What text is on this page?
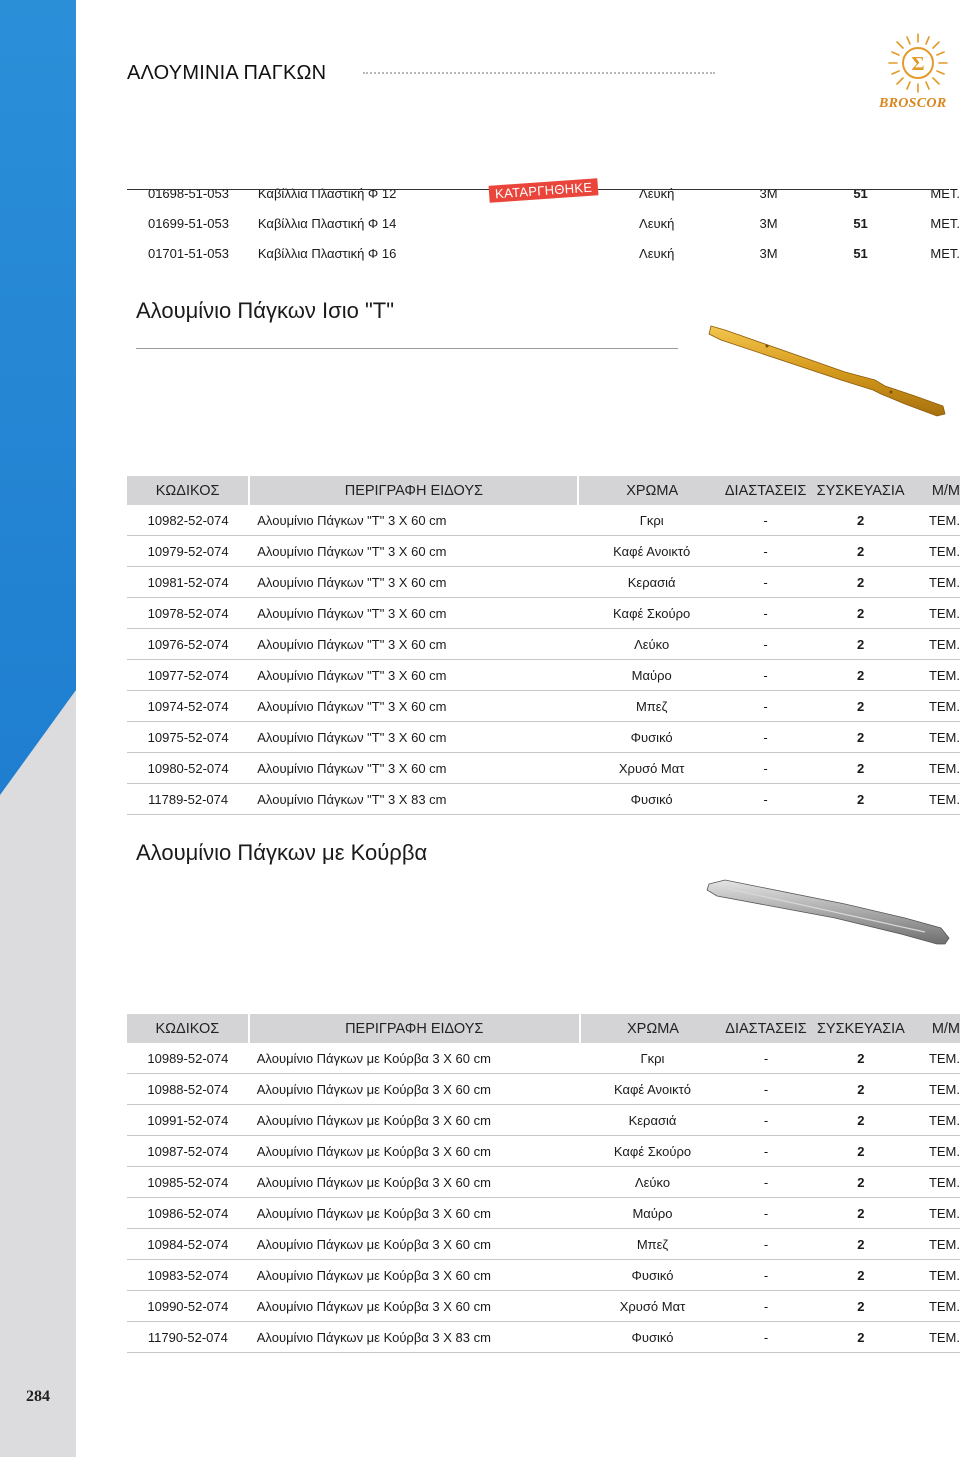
284
ΑΛΟΥΜΙΝΙΑ ΠΑΓΚΩΝ	Σ
BROSCOR
01698-51-053	Καβίλλια Πλαστική Φ 12	Λευκή	3M	51	ΜΕΤ.
01699-51-053	Καβίλλια Πλαστική Φ 14	Λευκή	3M	51	ΜΕΤ.
01701-51-053	Καβίλλια Πλαστική Φ 16	Λευκή	3M	51	ΜΕΤ.
ΚΑΤΑΡΓΗΘΗΚΕ
Αλουμίνιο Πάγκων Ισιο "Τ"
ΚΩΔΙΚΟΣ	ΠΕΡΙΓΡΑΦΗ ΕΙΔΟΥΣ	ΧΡΩΜΑ	ΔΙΑΣΤΑΣΕΙΣ	ΣΥΣΚΕΥΑΣΙΑ	Μ/Μ
10982-52-074	Αλουμίνιο Πάγκων "Τ" 3 Χ 60 cm	Γκρι	-	2	ΤΕΜ.
10979-52-074	Αλουμίνιο Πάγκων "Τ" 3 Χ 60 cm	Καφέ Ανοικτό	-	2	ΤΕΜ.
10981-52-074	Αλουμίνιο Πάγκων "Τ" 3 Χ 60 cm	Κερασιά	-	2	ΤΕΜ.
10978-52-074	Αλουμίνιο Πάγκων "Τ" 3 Χ 60 cm	Καφέ Σκούρο	-	2	ΤΕΜ.
10976-52-074	Αλουμίνιο Πάγκων "Τ" 3 Χ 60 cm	Λεύκο	-	2	ΤΕΜ.
10977-52-074	Αλουμίνιο Πάγκων "Τ" 3 Χ 60 cm	Μαύρο	-	2	ΤΕΜ.
10974-52-074	Αλουμίνιο Πάγκων "Τ" 3 Χ 60 cm	Μπεζ	-	2	ΤΕΜ.
10975-52-074	Αλουμίνιο Πάγκων "Τ" 3 Χ 60 cm	Φυσικό	-	2	ΤΕΜ.
10980-52-074	Αλουμίνιο Πάγκων "Τ" 3 Χ 60 cm	Χρυσό Ματ	-	2	ΤΕΜ.
11789-52-074	Αλουμίνιο Πάγκων "Τ" 3 Χ 83 cm	Φυσικό	-	2	ΤΕΜ.
Αλουμίνιο Πάγκων με Κούρβα
ΚΩΔΙΚΟΣ	ΠΕΡΙΓΡΑΦΗ ΕΙΔΟΥΣ	ΧΡΩΜΑ	ΔΙΑΣΤΑΣΕΙΣ	ΣΥΣΚΕΥΑΣΙΑ	Μ/Μ
10989-52-074	Αλουμίνιο Πάγκων με Κούρβα 3 Χ 60 cm	Γκρι	-	2	ΤΕΜ.
10988-52-074	Αλουμίνιο Πάγκων με Κούρβα 3 Χ 60 cm	Καφέ Ανοικτό	-	2	ΤΕΜ.
10991-52-074	Αλουμίνιο Πάγκων με Κούρβα 3 Χ 60 cm	Κερασιά	-	2	ΤΕΜ.
10987-52-074	Αλουμίνιο Πάγκων με Κούρβα 3 Χ 60 cm	Καφέ Σκούρο	-	2	ΤΕΜ.
10985-52-074	Αλουμίνιο Πάγκων με Κούρβα 3 Χ 60 cm	Λεύκο	-	2	ΤΕΜ.
10986-52-074	Αλουμίνιο Πάγκων με Κούρβα 3 Χ 60 cm	Μαύρο	-	2	ΤΕΜ.
10984-52-074	Αλουμίνιο Πάγκων με Κούρβα 3 Χ 60 cm	Μπεζ	-	2	ΤΕΜ.
10983-52-074	Αλουμίνιο Πάγκων με Κούρβα 3 Χ 60 cm	Φυσικό	-	2	ΤΕΜ.
10990-52-074	Αλουμίνιο Πάγκων με Κούρβα 3 Χ 60 cm	Χρυσό Ματ	-	2	ΤΕΜ.
11790-52-074	Αλουμίνιο Πάγκων με Κούρβα 3 Χ 83 cm	Φυσικό	-	2	ΤΕΜ.
